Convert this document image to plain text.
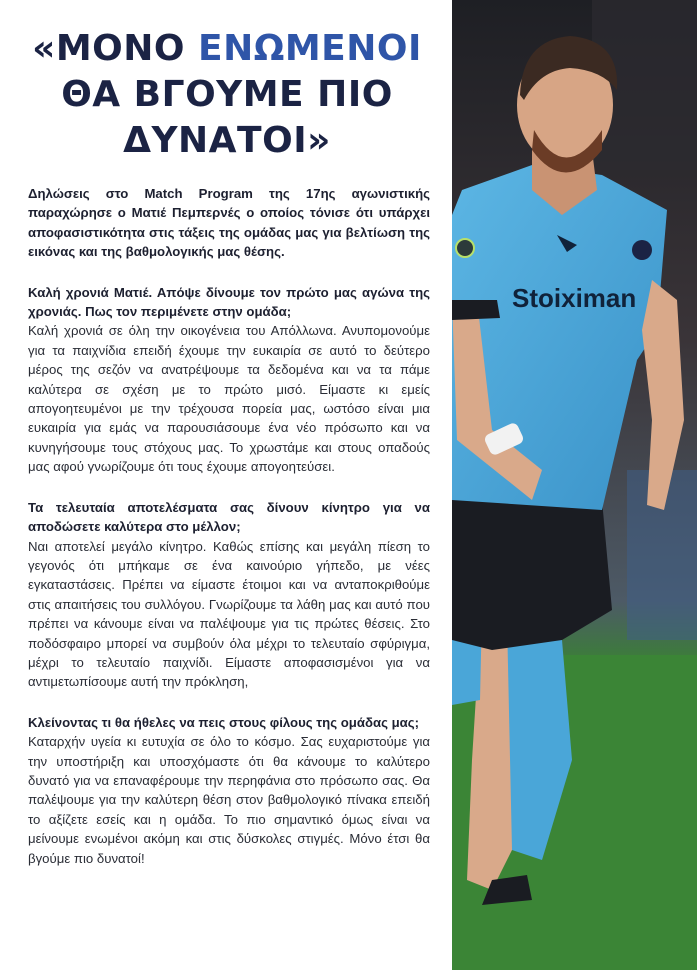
«ΜΟΝΟ ΕΝΩΜΕΝΟΙ ΘΑ ΒΓΟΥΜΕ ΠΙΟ ΔΥΝΑΤΟΙ»

Δηλώσεις στο Match Program της 17ης αγωνιστικής παραχώρησε ο Ματιέ Πεμπερνές ο οποίος τόνισε ότι υπάρχει αποφασιστικότητα στις τάξεις της ομάδας μας για βελτίωση της εικόνας και της βαθμολογικής μας θέσης.

Καλή χρονιά Ματιέ. Απόψε δίνουμε τον πρώτο μας αγώνα της χρονιάς. Πως τον περιμένετε στην ομάδα;

Καλή χρονιά σε όλη την οικογένεια του Απόλλωνα. Ανυπομονούμε για τα παιχνίδια επειδή έχουμε την ευκαιρία σε αυτό το δεύτερο μέρος της σεζόν να ανατρέψουμε τα δεδομένα και να τα πάμε καλύτερα σε σχέση με το πρώτο μισό. Είμαστε κι εμείς απογοητευμένοι με την τρέχουσα πορεία μας, ωστόσο είναι μια ευκαιρία για εμάς να παρουσιάσουμε ένα νέο πρόσωπο και να κυνηγήσουμε τους στόχους μας. Το χρωστάμε και στους οπαδούς μας αφού γνωρίζουμε ότι τους έχουμε απογοητεύσει.

Τα τελευταία αποτελέσματα σας δίνουν κίνητρο για να αποδώσετε καλύτερα στο μέλλον;

Ναι αποτελεί μεγάλο κίνητρο. Καθώς επίσης και μεγάλη πίεση το γεγονός ότι μπήκαμε σε ένα καινούριο γήπεδο, με νέες εγκαταστάσεις. Πρέπει να είμαστε έτοιμοι και να ανταποκριθούμε στις απαιτήσεις του συλλόγου. Γνωρίζουμε τα λάθη μας και αυτό που πρέπει να κάνουμε είναι να παλέψουμε για τις πρώτες θέσεις. Στο ποδόσφαιρο μπορεί να συμβούν όλα μέχρι το τελευταίο σφύριγμα, μέχρι το τελευταίο παιχνίδι. Είμαστε αποφασισμένοι για να αντιμετωπίσουμε αυτή την πρόκληση,

Κλείνοντας τι θα ήθελες να πεις στους φίλους της ομάδας μας;

Καταρχήν υγεία κι ευτυχία σε όλο το κόσμο. Σας ευχαριστούμε για την υποστήριξη και υποσχόμαστε ότι θα κάνουμε το καλύτερο δυνατό για να επαναφέρουμε την περηφάνια στο πρόσωπο σας. Θα παλέψουμε για την καλύτερη θέση στον βαθμολογικό πίνακα επειδή το αξίζετε εσείς και η ομάδα. Το πιο σημαντικό όμως είναι να μείνουμε ενωμένοι ακόμη και στις δύσκολες στιγμές. Μόνο έτσι θα βγούμε πιο δυνατοί!

Stoiximan
